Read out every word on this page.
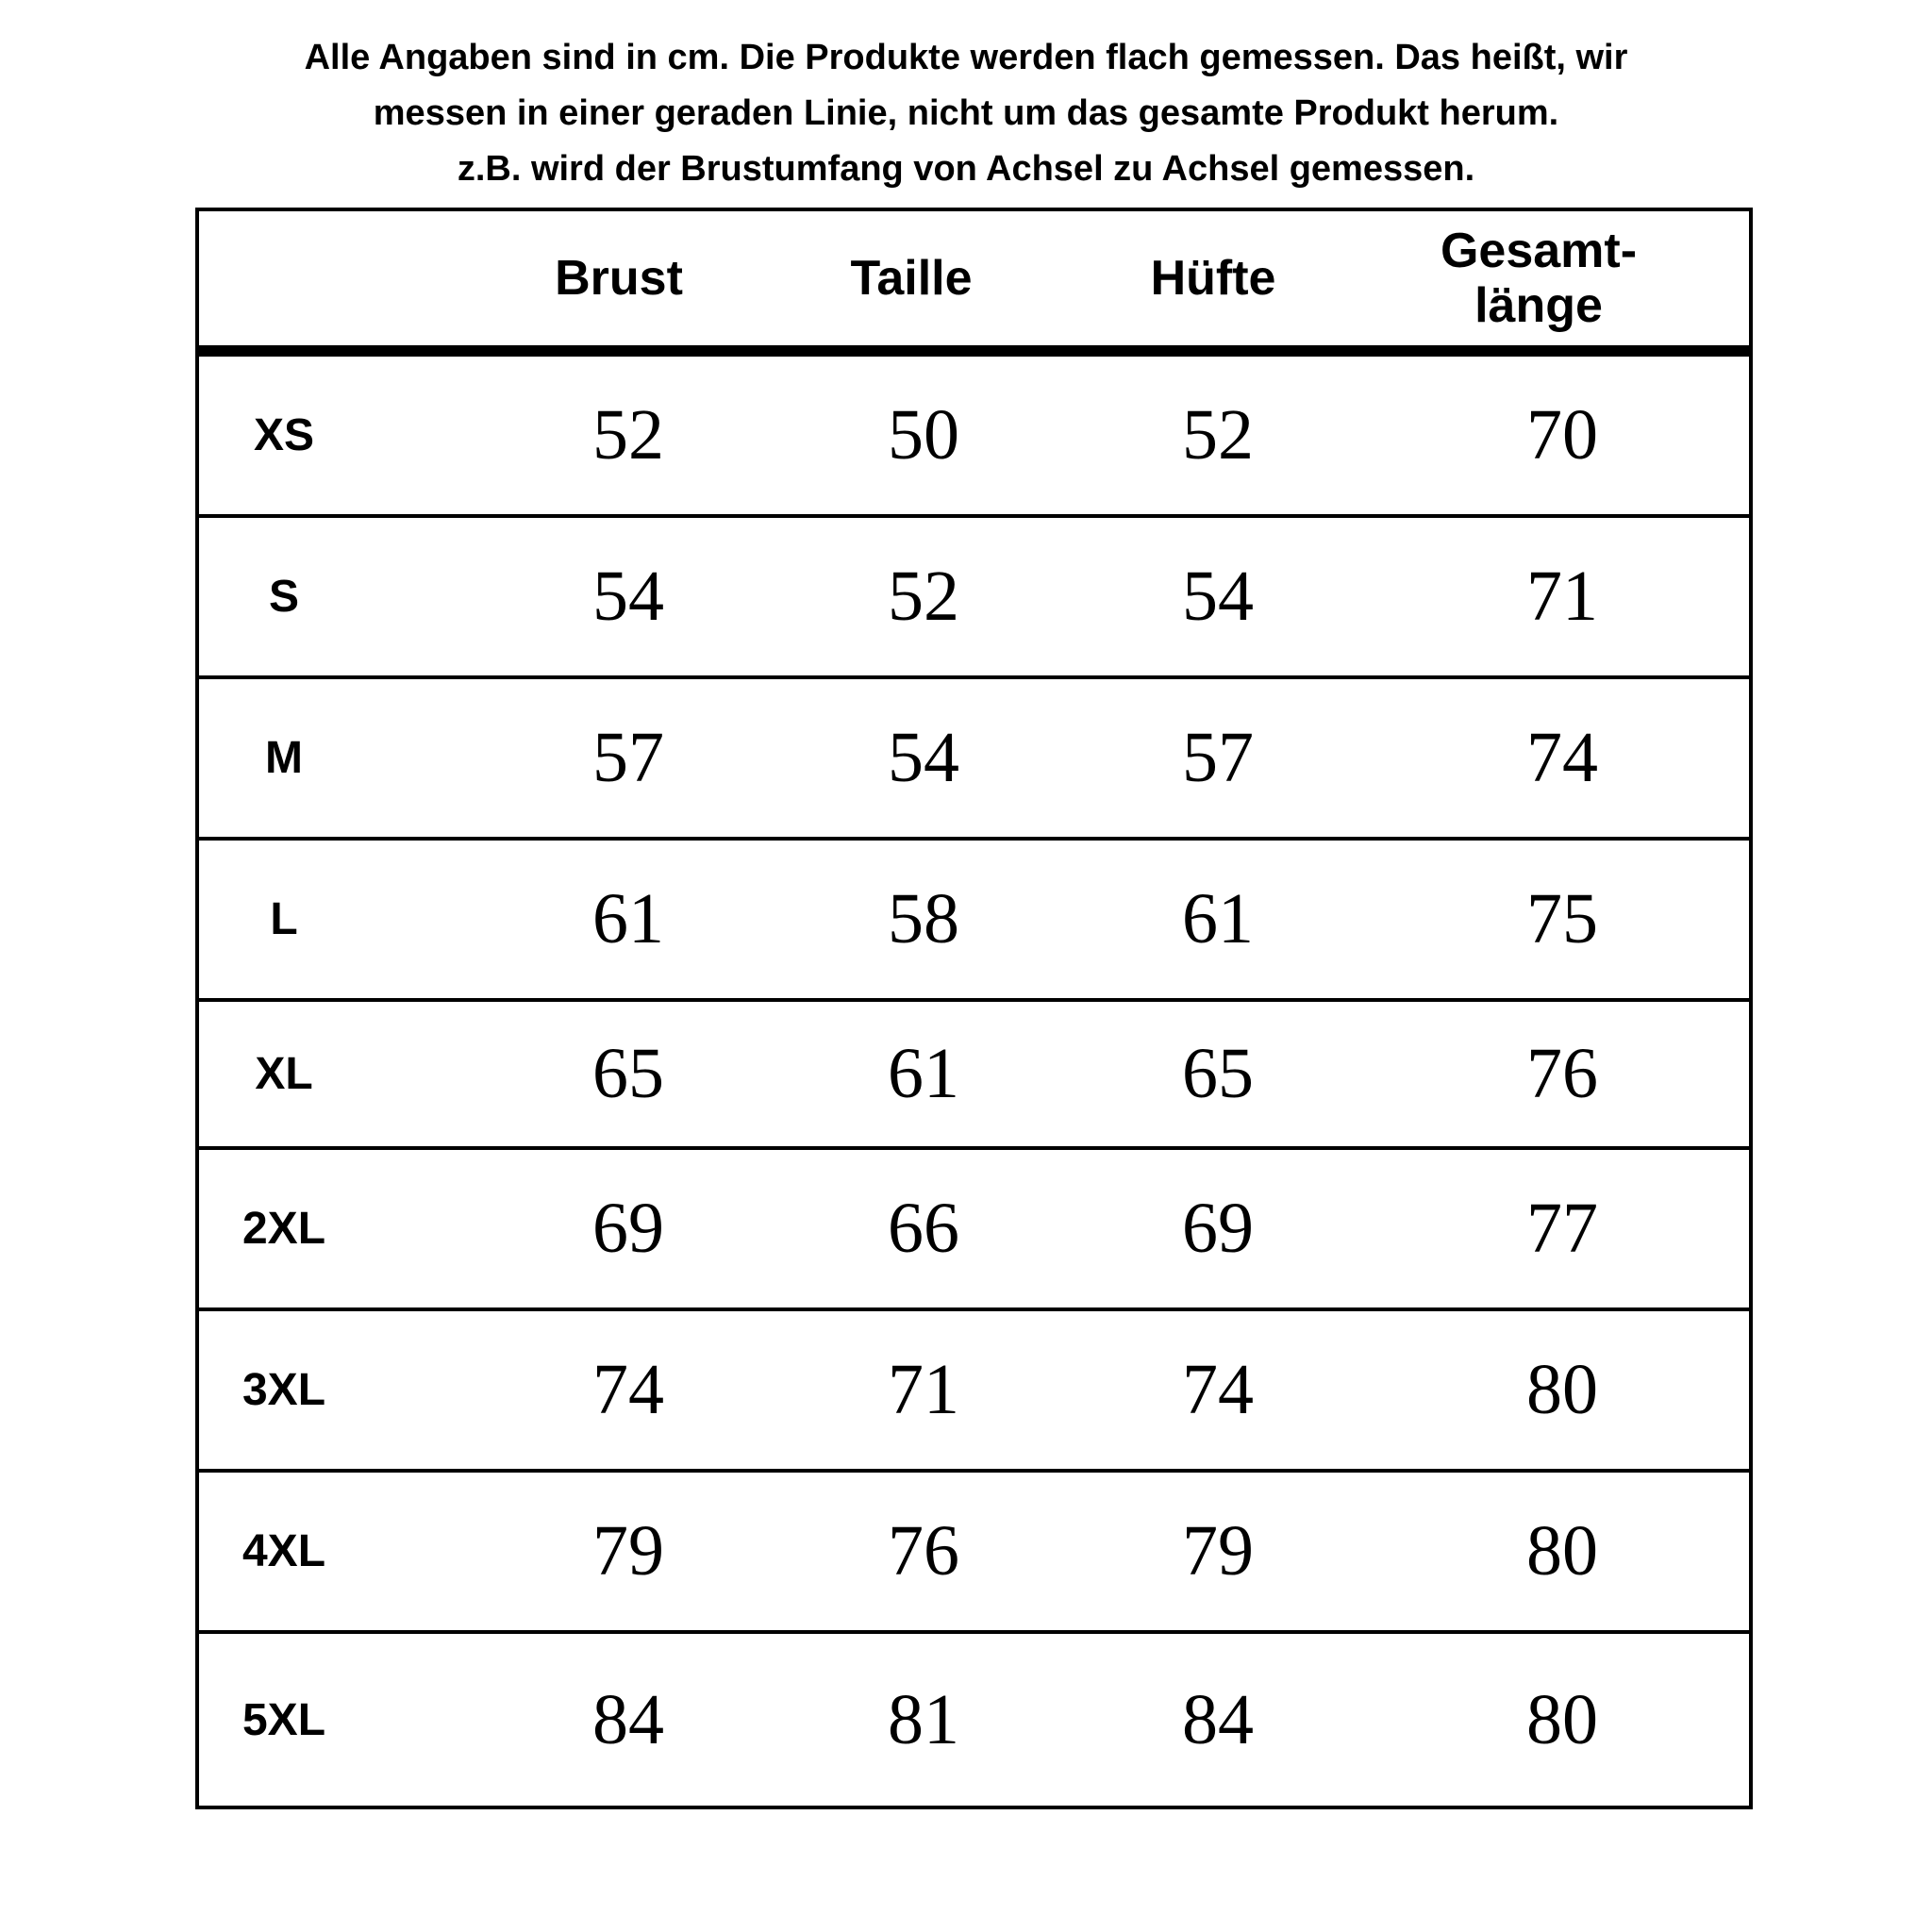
Alle Angaben sind in cm. Die Produkte werden flach gemessen. Das heißt, wir
messen in einer geraden Linie, nicht um das gesamte Produkt herum.
z.B. wird der Brustumfang von Achsel zu Achsel gemessen.
Brust	Taille	Hüfte	Gesamt-
länge
XS	52	50	52	70
S	54	52	54	71
M	57	54	57	74
L	61	58	61	75
XL	65	61	65	76
2XL	69	66	69	77
3XL	74	71	74	80
4XL	79	76	79	80
5XL	84	81	84	80
